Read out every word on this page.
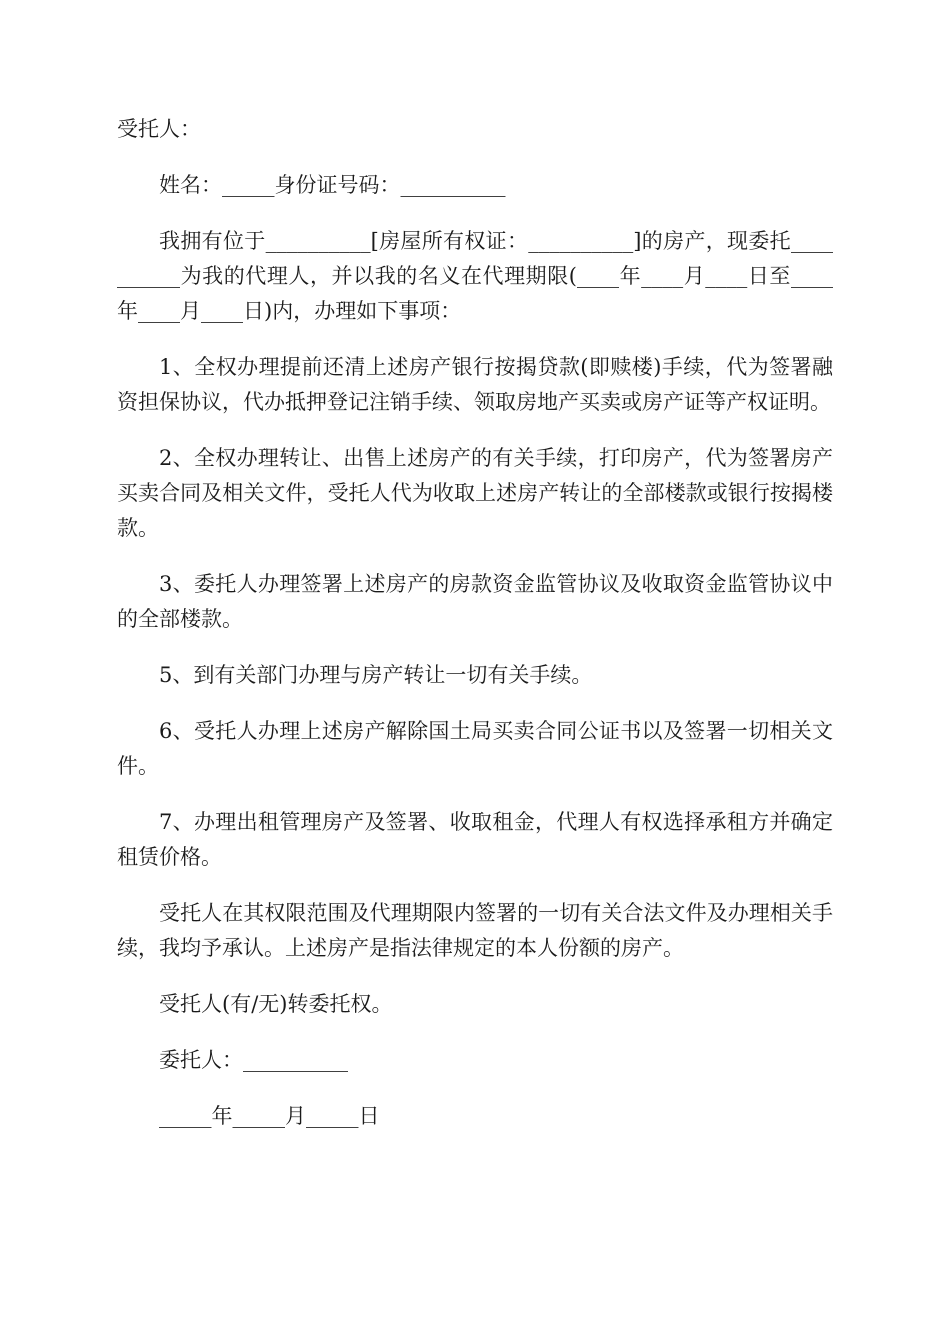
受托人：

姓名：_____身份证号码：__________

我拥有位于__________[房屋所有权证：__________]的房产，现委托__________为我的代理人，并以我的名义在代理期限(____年____月____日至____年____月____日)内，办理如下事项：

1、全权办理提前还清上述房产银行按揭贷款(即赎楼)手续，代为签署融资担保协议，代办抵押登记注销手续、领取房地产买卖或房产证等产权证明。

2、全权办理转让、出售上述房产的有关手续，打印房产，代为签署房产买卖合同及相关文件，受托人代为收取上述房产转让的全部楼款或银行按揭楼款。

3、委托人办理签署上述房产的房款资金监管协议及收取资金监管协议中的全部楼款。

5、到有关部门办理与房产转让一切有关手续。

6、受托人办理上述房产解除国土局买卖合同公证书以及签署一切相关文件。

7、办理出租管理房产及签署、收取租金，代理人有权选择承租方并确定租赁价格。

受托人在其权限范围及代理期限内签署的一切有关合法文件及办理相关手续，我均予承认。上述房产是指法律规定的本人份额的房产。

受托人(有/无)转委托权。

委托人：__________

_____年_____月_____日
